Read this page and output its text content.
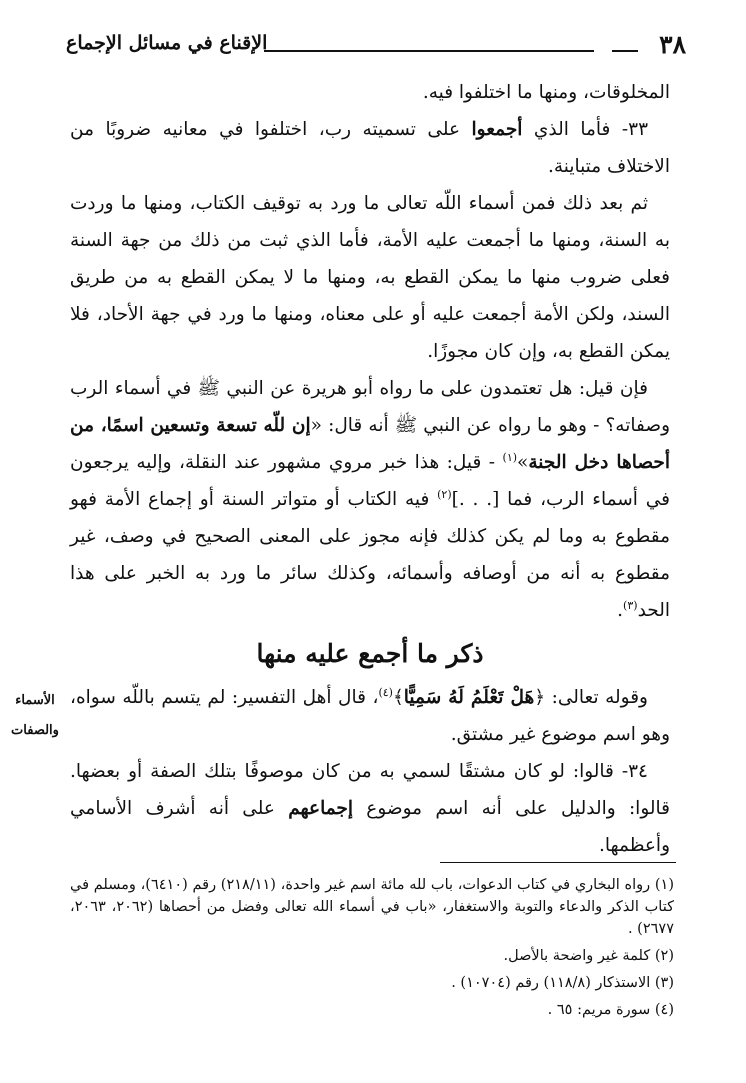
٣٨
الإقناع في مسائل الإجماع

المخلوقات، ومنها ما اختلفوا فيه.

٣٣- فأما الذي أجمعوا على تسميته رب، اختلفوا في معانيه ضروبًا من الاختلاف متباينة.

ثم بعد ذلك فمن أسماء اللّه تعالى ما ورد به توقيف الكتاب، ومنها ما وردت به السنة، ومنها ما أجمعت عليه الأمة، فأما الذي ثبت من ذلك من جهة السنة فعلى ضروب منها ما يمكن القطع به، ومنها ما لا يمكن القطع به من طريق السند، ولكن الأمة أجمعت عليه أو على معناه، ومنها ما ورد في جهة الأحاد، فلا يمكن القطع به، وإن كان مجوزًا.

فإن قيل: هل تعتمدون على ما رواه أبو هريرة عن النبي ﷺ في أسماء الرب وصفاته؟ - وهو ما رواه عن النبي ﷺ أنه قال: «إن للّه تسعة وتسعين اسمًا، من أحصاها دخل الجنة»$^{(١)}$ - قيل: هذا خبر مروي مشهور عند النقلة، وإليه يرجعون في أسماء الرب، فما [. . .]$^{(٢)}$ فيه الكتاب أو متواتر السنة أو إجماع الأمة فهو مقطوع به وما لم يكن كذلك فإنه مجوز على المعنى الصحيح في وصف، غير مقطوع به أنه من أوصافه وأسمائه، وكذلك سائر ما ورد به الخبر على هذا الحد$^{(٣)}$.

ذكر ما أجمع عليه منها

وقوله تعالى: ﴿هَلْ تَعْلَمُ لَهُ سَمِيًّا﴾$^{(٤)}$، قال أهل التفسير: لم يتسم باللّه سواه، وهو اسم موضوع غير مشتق.

٣٤- قالوا: لو كان مشتقًا لسمي به من كان موصوفًا بتلك الصفة أو بعضها. قالوا: والدليل على أنه اسم موضوع إجماعهم على أنه أشرف الأسامي وأعظمها.

الأسماء
والصفات

(١) رواه البخاري في كتاب الدعوات، باب لله مائة اسم غير واحدة، (٢١٨/١١) رقم (٦٤١٠)، ومسلم في كتاب الذكر والدعاء والتوبة والاستغفار، «باب في أسماء الله تعالى وفضل من أحصاها (٢٠٦٢، ٢٠٦٣، ٢٦٧٧) .

(٢) كلمة غير واضحة بالأصل.

(٣) الاستذكار (١١٨/٨) رقم (١٠٧٠٤) .

(٤) سورة مريم: ٦٥ .
